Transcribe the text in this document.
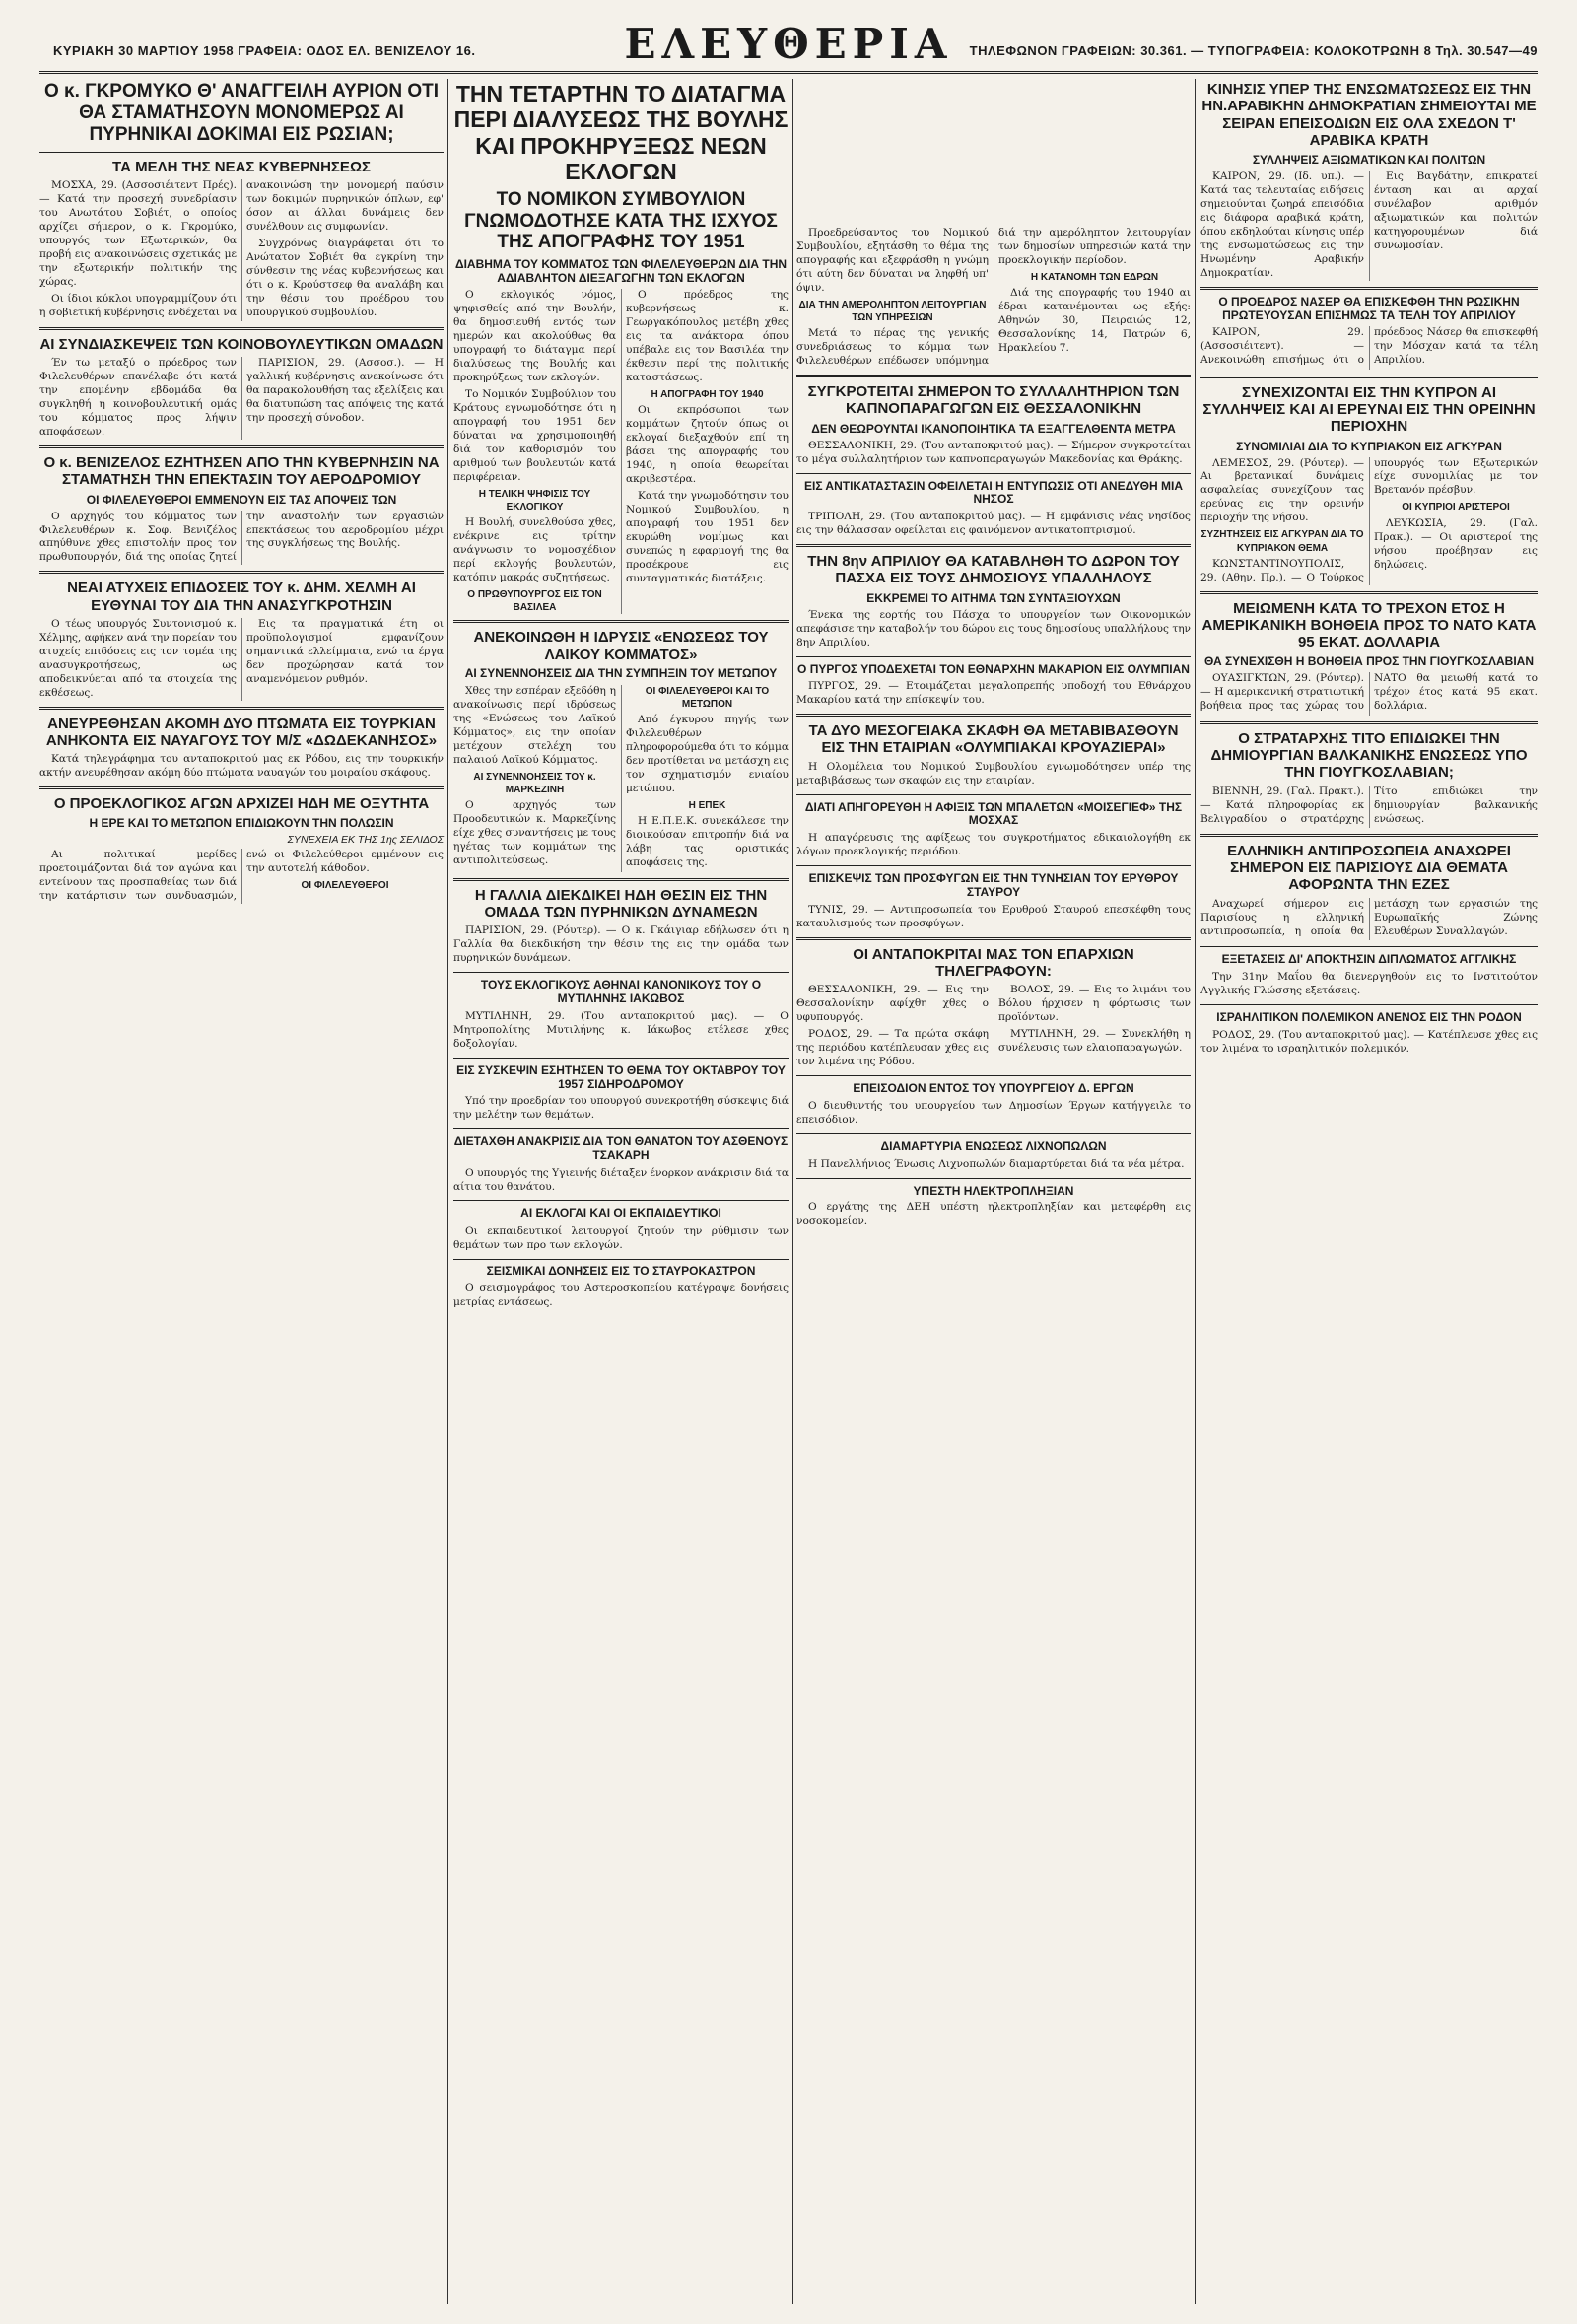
ΚΥΡΙΑΚΗ 30 ΜΑΡΤΙΟΥ 1958 ΓΡΑΦΕΙΑ: ΟΔΟΣ ΕΛ. ΒΕΝΙΖΕΛΟΥ 16.	ΕΛΕΥΘΕΡΙΑ	ΤΗΛΕΦΩΝΟΝ ΓΡΑΦΕΙΩΝ: 30.361. — ΤΥΠΟΓΡΑΦΕΙΑ: ΚΟΛΟΚΟΤΡΩΝΗ 8 Τηλ. 30.547—49
Ο κ. ΓΚΡΟΜΥΚΟ Θ' ΑΝΑΓΓΕΙΛΗ ΑΥΡΙΟΝ ΟΤΙ ΘΑ ΣΤΑΜΑΤΗΣΟΥΝ ΜΟΝΟΜΕΡΩΣ ΑΙ ΠΥΡΗΝΙΚΑΙ ΔΟΚΙΜΑΙ ΕΙΣ ΡΩΣΙΑΝ;
ΤΑ ΜΕΛΗ ΤΗΣ ΝΕΑΣ ΚΥΒΕΡΝΗΣΕΩΣ

ΜΟΣΧΑ, 29. (Ασσοσιέιτεντ Πρές). — Κατά την προσεχή συνεδρίασιν του Ανωτάτου Σοβιέτ, ο οποίος αρχίζει σήμερον, ο κ. Γκρομύκο, υπουργός των Εξωτερικών, θα προβή εις ανακοινώσεις σχετικάς με την εξωτερικήν πολιτικήν της χώρας.

Οι ίδιοι κύκλοι υπογραμμίζουν ότι η σοβιετική κυβέρνησις ενδέχεται να ανακοινώση την μονομερή παύσιν των δοκιμών πυρηνικών όπλων, εφ' όσον αι άλλαι δυνάμεις δεν συνέλθουν εις συμφωνίαν.

Συγχρόνως διαγράφεται ότι το Ανώτατον Σοβιέτ θα εγκρίνη την σύνθεσιν της νέας κυβερνήσεως και ότι ο κ. Κρούστσεφ θα αναλάβη και την θέσιν του προέδρου του υπουργικού συμβουλίου.

ΑΙ ΣΥΝΔΙΑΣΚΕΨΕΙΣ ΤΩΝ ΚΟΙΝΟΒΟΥΛΕΥΤΙΚΩΝ ΟΜΑΔΩΝ

Έν τω μεταξύ ο πρόεδρος των Φιλελευθέρων επανέλαβε ότι κατά την επομένην εβδομάδα θα συγκληθή η κοινοβουλευτική ομάς του κόμματος προς λήψιν αποφάσεων.

ΠΑΡΙΣΙΟΝ, 29. (Ασσοσ.). — Η γαλλική κυβέρνησις ανεκοίνωσε ότι θα παρακολουθήση τας εξελίξεις και θα διατυπώση τας απόψεις της κατά την προσεχή σύνοδον.

Ο κ. ΒΕΝΙΖΕΛΟΣ ΕΖΗΤΗΣΕΝ ΑΠΟ ΤΗΝ ΚΥΒΕΡΝΗΣΙΝ ΝΑ ΣΤΑΜΑΤΗΣΗ ΤΗΝ ΕΠΕΚΤΑΣΙΝ ΤΟΥ ΑΕΡΟΔΡΟΜΙΟΥ
ΟΙ ΦΙΛΕΛΕΥΘΕΡΟΙ ΕΜΜΕΝΟΥΝ ΕΙΣ ΤΑΣ ΑΠΟΨΕΙΣ ΤΩΝ

Ο αρχηγός του κόμματος των Φιλελευθέρων κ. Σοφ. Βενιζέλος απηύθυνε χθες επιστολήν προς τον πρωθυπουργόν, διά της οποίας ζητεί την αναστολήν των εργασιών επεκτάσεως του αεροδρομίου μέχρι της συγκλήσεως της Βουλής.

ΝΕΑΙ ΑΤΥΧΕΙΣ ΕΠΙΔΟΣΕΙΣ ΤΟΥ κ. ΔΗΜ. ΧΕΛΜΗ ΑΙ ΕΥΘΥΝΑΙ ΤΟΥ ΔΙΑ ΤΗΝ ΑΝΑΣΥΓΚΡΟΤΗΣΙΝ

Ο τέως υπουργός Συντονισμού κ. Χέλμης, αφήκεν ανά την πορείαν του ατυχείς επιδόσεις εις τον τομέα της ανασυγκροτήσεως, ως αποδεικνύεται από τα στοιχεία της εκθέσεως.

Εις τα πραγματικά έτη οι προϋπολογισμοί εμφανίζουν σημαντικά ελλείμματα, ενώ τα έργα δεν προχώρησαν κατά τον αναμενόμενον ρυθμόν.

ΑΝΕΥΡΕΘΗΣΑΝ ΑΚΟΜΗ ΔΥΟ ΠΤΩΜΑΤΑ ΕΙΣ ΤΟΥΡΚΙΑΝ ΑΝΗΚΟΝΤΑ ΕΙΣ ΝΑΥΑΓΟΥΣ ΤΟΥ Μ/Σ «ΔΩΔΕΚΑΝΗΣΟΣ»

Κατά τηλεγράφημα του ανταποκριτού μας εκ Ρόδου, εις την τουρκικήν ακτήν ανευρέθησαν ακόμη δύο πτώματα ναυαγών του μοιραίου σκάφους.

Ο ΠΡΟΕΚΛΟΓΙΚΟΣ ΑΓΩΝ ΑΡΧΙΖΕΙ ΗΔΗ ΜΕ ΟΞΥΤΗΤΑ
Η ΕΡΕ ΚΑΙ ΤΟ ΜΕΤΩΠΟΝ ΕΠΙΔΙΩΚΟΥΝ ΤΗΝ ΠΟΛΩΣΙΝ
ΣΥΝΕΧΕΙΑ ΕΚ ΤΗΣ 1ης ΣΕΛΙΔΟΣ

Αι πολιτικαί μερίδες προετοιμάζονται διά τον αγώνα και εντείνουν τας προσπαθείας των διά την κατάρτισιν των συνδυασμών, ενώ οι Φιλελεύθεροι εμμένουν εις την αυτοτελή κάθοδον.

ΟΙ ΦΙΛΕΛΕΥΘΕΡΟΙ

ΤΗΝ ΤΕΤΑΡΤΗΝ ΤΟ ΔΙΑΤΑΓΜΑ ΠΕΡΙ ΔΙΑΛΥΣΕΩΣ ΤΗΣ ΒΟΥΛΗΣ ΚΑΙ ΠΡΟΚΗΡΥΞΕΩΣ ΝΕΩΝ ΕΚΛΟΓΩΝ
ΤΟ ΝΟΜΙΚΟΝ ΣΥΜΒΟΥΛΙΟΝ ΓΝΩΜΟΔΟΤΗΣΕ ΚΑΤΑ ΤΗΣ ΙΣΧΥΟΣ ΤΗΣ ΑΠΟΓΡΑΦΗΣ ΤΟΥ 1951
ΔΙΑΒΗΜΑ ΤΟΥ ΚΟΜΜΑΤΟΣ ΤΩΝ ΦΙΛΕΛΕΥΘΕΡΩΝ ΔΙΑ ΤΗΝ ΑΔΙΑΒΛΗΤΟΝ ΔΙΕΞΑΓΩΓΗΝ ΤΩΝ ΕΚΛΟΓΩΝ

Ο εκλογικός νόμος, ψηφισθείς από την Βουλήν, θα δημοσιευθή εντός των ημερών και ακολούθως θα υπογραφή το διάταγμα περί διαλύσεως της Βουλής και προκηρύξεως των εκλογών.

Το Νομικόν Συμβούλιον του Κράτους εγνωμοδότησε ότι η απογραφή του 1951 δεν δύναται να χρησιμοποιηθή διά τον καθορισμόν του αριθμού των βουλευτών κατά περιφέρειαν.

Η ΤΕΛΙΚΗ ΨΗΦΙΣΙΣ ΤΟΥ ΕΚΛΟΓΙΚΟΥ

Η Βουλή, συνελθούσα χθες, ενέκρινε εις τρίτην ανάγνωσιν το νομοσχέδιον περί εκλογής βουλευτών, κατόπιν μακράς συζητήσεως.

Ο ΠΡΩΘΥΠΟΥΡΓΟΣ ΕΙΣ ΤΟΝ ΒΑΣΙΛΕΑ

Ο πρόεδρος της κυβερνήσεως κ. Γεωργακόπουλος μετέβη χθες εις τα ανάκτορα όπου υπέβαλε εις τον Βασιλέα την έκθεσιν περί της πολιτικής καταστάσεως.

Η ΑΠΟΓΡΑΦΗ ΤΟΥ 1940

Οι εκπρόσωποι των κομμάτων ζητούν όπως οι εκλογαί διεξαχθούν επί τη βάσει της απογραφής του 1940, η οποία θεωρείται ακριβεστέρα.

Κατά την γνωμοδότησιν του Νομικού Συμβουλίου, η απογραφή του 1951 δεν εκυρώθη νομίμως και συνεπώς η εφαρμογή της θα προσέκρουε εις συνταγματικάς διατάξεις.

ΑΝΕΚΟΙΝΩΘΗ Η ΙΔΡΥΣΙΣ «ΕΝΩΣΕΩΣ ΤΟΥ ΛΑΙΚΟΥ ΚΟΜΜΑΤΟΣ»
ΑΙ ΣΥΝΕΝΝΟΗΣΕΙΣ ΔΙΑ ΤΗΝ ΣΥΜΠΗΞΙΝ ΤΟΥ ΜΕΤΩΠΟΥ

Χθες την εσπέραν εξεδόθη η ανακοίνωσις περί ιδρύσεως της «Ενώσεως του Λαϊκού Κόμματος», εις την οποίαν μετέχουν στελέχη του παλαιού Λαϊκού Κόμματος.

ΑΙ ΣΥΝΕΝΝΟΗΣΕΙΣ ΤΟΥ κ. ΜΑΡΚΕΖΙΝΗ

Ο αρχηγός των Προοδευτικών κ. Μαρκεζίνης είχε χθες συναντήσεις με τους ηγέτας των κομμάτων της αντιπολιτεύσεως.

ΟΙ ΦΙΛΕΛΕΥΘΕΡΟΙ ΚΑΙ ΤΟ ΜΕΤΩΠΟΝ

Από έγκυρου πηγής των Φιλελευθέρων πληροφορούμεθα ότι το κόμμα δεν προτίθεται να μετάσχη εις τον σχηματισμόν ενιαίου μετώπου.

Η ΕΠΕΚ

Η Ε.Π.Ε.Κ. συνεκάλεσε την διοικούσαν επιτροπήν διά να λάβη τας οριστικάς αποφάσεις της.

Η ΓΑΛΛΙΑ ΔΙΕΚΔΙΚΕΙ ΗΔΗ ΘΕΣΙΝ ΕΙΣ ΤΗΝ ΟΜΑΔΑ ΤΩΝ ΠΥΡΗΝΙΚΩΝ ΔΥΝΑΜΕΩΝ

ΠΑΡΙΣΙΟΝ, 29. (Ρόυτερ). — Ο κ. Γκάιγιαρ εδήλωσεν ότι η Γαλλία θα διεκδικήση την θέσιν της εις την ομάδα των πυρηνικών δυνάμεων.

ΤΟΥΣ ΕΚΛΟΓΙΚΟΥΣ ΑΘΗΝΑΙ ΚΑΝΟΝΙΚΟΥΣ ΤΟΥ Ο ΜΥΤΙΛΗΝΗΣ ΙΑΚΩΒΟΣ

ΜΥΤΙΛΗΝΗ, 29. (Του ανταποκριτού μας). — Ο Μητροπολίτης Μυτιλήνης κ. Ιάκωβος ετέλεσε χθες δοξολογίαν.

ΕΙΣ ΣΥΣΚΕΨΙΝ ΕΣΗΤΗΣΕΝ ΤΟ ΘΕΜΑ ΤΟΥ ΟΚΤΑΒΡΟΥ ΤΟΥ 1957 ΣΙΔΗΡΟΔΡΟΜΟΥ

Υπό την προεδρίαν του υπουργού συνεκροτήθη σύσκεψις διά την μελέτην των θεμάτων.

ΔΙΕΤΑΧΘΗ ΑΝΑΚΡΙΣΙΣ ΔΙΑ ΤΟΝ ΘΑΝΑΤΟΝ ΤΟΥ ΑΣΘΕΝΟΥΣ ΤΣΑΚΑΡΗ

Ο υπουργός της Υγιεινής διέταξεν ένορκον ανάκρισιν διά τα αίτια του θανάτου.

ΑΙ ΕΚΛΟΓΑΙ ΚΑΙ ΟΙ ΕΚΠΑΙΔΕΥΤΙΚΟΙ

Οι εκπαιδευτικοί λειτουργοί ζητούν την ρύθμισιν των θεμάτων των προ των εκλογών.

ΣΕΙΣΜΙΚΑΙ ΔΟΝΗΣΕΙΣ ΕΙΣ ΤΟ ΣΤΑΥΡΟΚΑΣΤΡΟΝ

Ο σεισμογράφος του Αστεροσκοπείου κατέγραψε δονήσεις μετρίας εντάσεως.

Προεδρεύσαντος του Νομικού Συμβουλίου, εξητάσθη το θέμα της απογραφής και εξεφράσθη η γνώμη ότι αύτη δεν δύναται να ληφθή υπ' όψιν.

ΔΙΑ ΤΗΝ ΑΜΕΡΟΛΗΠΤΟΝ ΛΕΙΤΟΥΡΓΙΑΝ ΤΩΝ ΥΠΗΡΕΣΙΩΝ

Μετά το πέρας της γενικής συνεδριάσεως το κόμμα των Φιλελευθέρων επέδωσεν υπόμνημα διά την αμερόληπτον λειτουργίαν των δημοσίων υπηρεσιών κατά την προεκλογικήν περίοδον.

Η ΚΑΤΑΝΟΜΗ ΤΩΝ ΕΔΡΩΝ

Διά της απογραφής του 1940 αι έδραι κατανέμονται ως εξής: Αθηνών 30, Πειραιώς 12, Θεσσαλονίκης 14, Πατρών 6, Ηρακλείου 7.

ΣΥΓΚΡΟΤΕΙΤΑΙ ΣΗΜΕΡΟΝ ΤΟ ΣΥΛΛΑΛΗΤΗΡΙΟΝ ΤΩΝ ΚΑΠΝΟΠΑΡΑΓΩΓΩΝ ΕΙΣ ΘΕΣΣΑΛΟΝΙΚΗΝ
ΔΕΝ ΘΕΩΡΟΥΝΤΑΙ ΙΚΑΝΟΠΟΙΗΤΙΚΑ ΤΑ ΕΞΑΓΓΕΛΘΕΝΤΑ ΜΕΤΡΑ

ΘΕΣΣΑΛΟΝΙΚΗ, 29. (Του ανταποκριτού μας). — Σήμερον συγκροτείται το μέγα συλλαλητήριον των καπνοπαραγωγών Μακεδονίας και Θράκης.

ΕΙΣ ΑΝΤΙΚΑΤΑΣΤΑΣΙΝ ΟΦΕΙΛΕΤΑΙ Η ΕΝΤΥΠΩΣΙΣ ΟΤΙ ΑΝΕΔΥΘΗ ΜΙΑ ΝΗΣΟΣ

ΤΡΙΠΟΛΗ, 29. (Του ανταποκριτού μας). — Η εμφάνισις νέας νησίδος εις την θάλασσαν οφείλεται εις φαινόμενον αντικατοπτρισμού.

ΤΗΝ 8ην ΑΠΡΙΛΙΟΥ ΘΑ ΚΑΤΑΒΛΗΘΗ ΤΟ ΔΩΡΟΝ ΤΟΥ ΠΑΣΧΑ ΕΙΣ ΤΟΥΣ ΔΗΜΟΣΙΟΥΣ ΥΠΑΛΛΗΛΟΥΣ
ΕΚΚΡΕΜΕΙ ΤΟ ΑΙΤΗΜΑ ΤΩΝ ΣΥΝΤΑΞΙΟΥΧΩΝ

Ένεκα της εορτής του Πάσχα το υπουργείον των Οικονομικών απεφάσισε την καταβολήν του δώρου εις τους δημοσίους υπαλλήλους την 8ην Απριλίου.

Ο ΠΥΡΓΟΣ ΥΠΟΔΕΧΕΤΑΙ ΤΟΝ ΕΘΝΑΡΧΗΝ ΜΑΚΑΡΙΟΝ ΕΙΣ ΟΛΥΜΠΙΑΝ

ΠΥΡΓΟΣ, 29. — Ετοιμάζεται μεγαλοπρεπής υποδοχή του Εθνάρχου Μακαρίου κατά την επίσκεψίν του.

ΤΑ ΔΥΟ ΜΕΣΟΓΕΙΑΚΑ ΣΚΑΦΗ ΘΑ ΜΕΤΑΒΙΒΑΣΘΟΥΝ ΕΙΣ ΤΗΝ ΕΤΑΙΡΙΑΝ «ΟΛΥΜΠΙΑΚΑΙ ΚΡΟΥΑΖΙΕΡΑΙ»

Η Ολομέλεια του Νομικού Συμβουλίου εγνωμοδότησεν υπέρ της μεταβιβάσεως των σκαφών εις την εταιρίαν.

ΔΙΑΤΙ ΑΠΗΓΟΡΕΥΘΗ Η ΑΦΙΞΙΣ ΤΩΝ ΜΠΑΛΕΤΩΝ «ΜΟΙΣΕΓΙΕΦ» ΤΗΣ ΜΟΣΧΑΣ

Η απαγόρευσις της αφίξεως του συγκροτήματος εδικαιολογήθη εκ λόγων προεκλογικής περιόδου.

ΕΠΙΣΚΕΨΙΣ ΤΩΝ ΠΡΟΣΦΥΓΩΝ ΕΙΣ ΤΗΝ ΤΥΝΗΣΙΑΝ ΤΟΥ ΕΡΥΘΡΟΥ ΣΤΑΥΡΟΥ

ΤΥΝΙΣ, 29. — Αντιπροσωπεία του Ερυθρού Σταυρού επεσκέφθη τους καταυλισμούς των προσφύγων.

ΟΙ ΑΝΤΑΠΟΚΡΙΤΑΙ ΜΑΣ ΤΟΝ ΕΠΑΡΧΙΩΝ ΤΗΛΕΓΡΑΦΟΥΝ:

ΘΕΣΣΑΛΟΝΙΚΗ, 29. — Εις την Θεσσαλονίκην αφίχθη χθες ο υφυπουργός.

ΡΟΔΟΣ, 29. — Τα πρώτα σκάφη της περιόδου κατέπλευσαν χθες εις τον λιμένα της Ρόδου.

ΒΟΛΟΣ, 29. — Εις το λιμάνι του Βόλου ήρχισεν η φόρτωσις των προϊόντων.

ΜΥΤΙΛΗΝΗ, 29. — Συνεκλήθη η συνέλευσις των ελαιοπαραγωγών.

ΕΠΕΙΣΟΔΙΟΝ ΕΝΤΟΣ ΤΟΥ ΥΠΟΥΡΓΕΙΟΥ Δ. ΕΡΓΩΝ

Ο διευθυντής του υπουργείου των Δημοσίων Έργων κατήγγειλε το επεισόδιον.

ΔΙΑΜΑΡΤΥΡΙΑ ΕΝΩΣΕΩΣ ΛΙΧΝΟΠΩΛΩΝ

Η Πανελλήνιος Ένωσις Λιχνοπωλών διαμαρτύρεται διά τα νέα μέτρα.

ΥΠΕΣΤΗ ΗΛΕΚΤΡΟΠΛΗΞΙΑΝ

Ο εργάτης της ΔΕΗ υπέστη ηλεκτροπληξίαν και μετεφέρθη εις νοσοκομείον.

ΚΙΝΗΣΙΣ ΥΠΕΡ ΤΗΣ ΕΝΣΩΜΑΤΩΣΕΩΣ ΕΙΣ ΤΗΝ ΗΝ.ΑΡΑΒΙΚΗΝ ΔΗΜΟΚΡΑΤΙΑΝ ΣΗΜΕΙΟΥΤΑΙ ΜΕ ΣΕΙΡΑΝ ΕΠΕΙΣΟΔΙΩΝ ΕΙΣ ΟΛΑ ΣΧΕΔΟΝ Τ' ΑΡΑΒΙΚΑ ΚΡΑΤΗ
ΣΥΛΛΗΨΕΙΣ ΑΞΙΩΜΑΤΙΚΩΝ ΚΑΙ ΠΟΛΙΤΩΝ

ΚΑΙΡΟΝ, 29. (Ιδ. υπ.). — Κατά τας τελευταίας ειδήσεις σημειούνται ζωηρά επεισόδια εις διάφορα αραβικά κράτη, όπου εκδηλούται κίνησις υπέρ της ενσωματώσεως εις την Ηνωμένην Αραβικήν Δημοκρατίαν.

Εις Βαγδάτην, επικρατεί ένταση και αι αρχαί συνέλαβον αριθμόν αξιωματικών και πολιτών κατηγορουμένων διά συνωμοσίαν.

Ο ΠΡΟΕΔΡΟΣ ΝΑΣΕΡ ΘΑ ΕΠΙΣΚΕΦΘΗ ΤΗΝ ΡΩΣΙΚΗΝ ΠΡΩΤΕΥΟΥΣΑΝ ΕΠΙΣΗΜΩΣ ΤΑ ΤΕΛΗ ΤΟΥ ΑΠΡΙΛΙΟΥ

ΚΑΙΡΟΝ, 29. (Ασσοσιέιτεντ). — Ανεκοινώθη επισήμως ότι ο πρόεδρος Νάσερ θα επισκεφθή την Μόσχαν κατά τα τέλη Απριλίου.

ΣΥΝΕΧΙΖΟΝΤΑΙ ΕΙΣ ΤΗΝ ΚΥΠΡΟΝ ΑΙ ΣΥΛΛΗΨΕΙΣ ΚΑΙ ΑΙ ΕΡΕΥΝΑΙ ΕΙΣ ΤΗΝ ΟΡΕΙΝΗΝ ΠΕΡΙΟΧΗΝ
ΣΥΝΟΜΙΛΙΑΙ ΔΙΑ ΤΟ ΚΥΠΡΙΑΚΟΝ ΕΙΣ ΑΓΚΥΡΑΝ

ΛΕΜΕΣΟΣ, 29. (Ρόυτερ). — Αι βρετανικαί δυνάμεις ασφαλείας συνεχίζουν τας ερεύνας εις την ορεινήν περιοχήν της νήσου.

ΣΥΖΗΤΗΣΕΙΣ ΕΙΣ ΑΓΚΥΡΑΝ ΔΙΑ ΤΟ ΚΥΠΡΙΑΚΟΝ ΘΕΜΑ

ΚΩΝΣΤΑΝΤΙΝΟΥΠΟΛΙΣ, 29. (Αθην. Πρ.). — Ο Τούρκος υπουργός των Εξωτερικών είχε συνομιλίας με τον Βρετανόν πρέσβυν.

ΟΙ ΚΥΠΡΙΟΙ ΑΡΙΣΤΕΡΟΙ

ΛΕΥΚΩΣΙΑ, 29. (Γαλ. Πρακ.). — Οι αριστεροί της νήσου προέβησαν εις δηλώσεις.

ΜΕΙΩΜΕΝΗ ΚΑΤΑ ΤΟ ΤΡΕΧΟΝ ΕΤΟΣ Η ΑΜΕΡΙΚΑΝΙΚΗ ΒΟΗΘΕΙΑ ΠΡΟΣ ΤΟ ΝΑΤΟ ΚΑΤΑ 95 ΕΚΑΤ. ΔΟΛΛΑΡΙΑ
ΘΑ ΣΥΝΕΧΙΣΘΗ Η ΒΟΗΘΕΙΑ ΠΡΟΣ ΤΗΝ ΓΙΟΥΓΚΟΣΛΑΒΙΑΝ

ΟΥΑΣΙΓΚΤΩΝ, 29. (Ρόυτερ). — Η αμερικανική στρατιωτική βοήθεια προς τας χώρας του ΝΑΤΟ θα μειωθή κατά το τρέχον έτος κατά 95 εκατ. δολλάρια.

Ο ΣΤΡΑΤΑΡΧΗΣ ΤΙΤΟ ΕΠΙΔΙΩΚΕΙ ΤΗΝ ΔΗΜΙΟΥΡΓΙΑΝ ΒΑΛΚΑΝΙΚΗΣ ΕΝΩΣΕΩΣ ΥΠΟ ΤΗΝ ΓΙΟΥΓΚΟΣΛΑΒΙΑΝ;

ΒΙΕΝΝΗ, 29. (Γαλ. Πρακτ.). — Κατά πληροφορίας εκ Βελιγραδίου ο στρατάρχης Τίτο επιδιώκει την δημιουργίαν βαλκανικής ενώσεως.

ΕΛΛΗΝΙΚΗ ΑΝΤΙΠΡΟΣΩΠΕΙΑ ΑΝΑΧΩΡΕΙ ΣΗΜΕΡΟΝ ΕΙΣ ΠΑΡΙΣΙΟΥΣ ΔΙΑ ΘΕΜΑΤΑ ΑΦΟΡΩΝΤΑ ΤΗΝ ΕΖΕΣ

Αναχωρεί σήμερον εις Παρισίους η ελληνική αντιπροσωπεία, η οποία θα μετάσχη των εργασιών της Ευρωπαϊκής Ζώνης Ελευθέρων Συναλλαγών.

ΕΞΕΤΑΣΕΙΣ ΔΙ' ΑΠΟΚΤΗΣΙΝ ΔΙΠΛΩΜΑΤΟΣ ΑΓΓΛΙΚΗΣ

Την 31ην Μαΐου θα διενεργηθούν εις το Ινστιτούτον Αγγλικής Γλώσσης εξετάσεις.

ΙΣΡΑΗΛΙΤΙΚΟΝ ΠΟΛΕΜΙΚΟΝ ΑΝΕΝΟΣ ΕΙΣ ΤΗΝ ΡΟΔΟΝ

ΡΟΔΟΣ, 29. (Του ανταποκριτού μας). — Κατέπλευσε χθες εις τον λιμένα το ισραηλιτικόν πολεμικόν.
